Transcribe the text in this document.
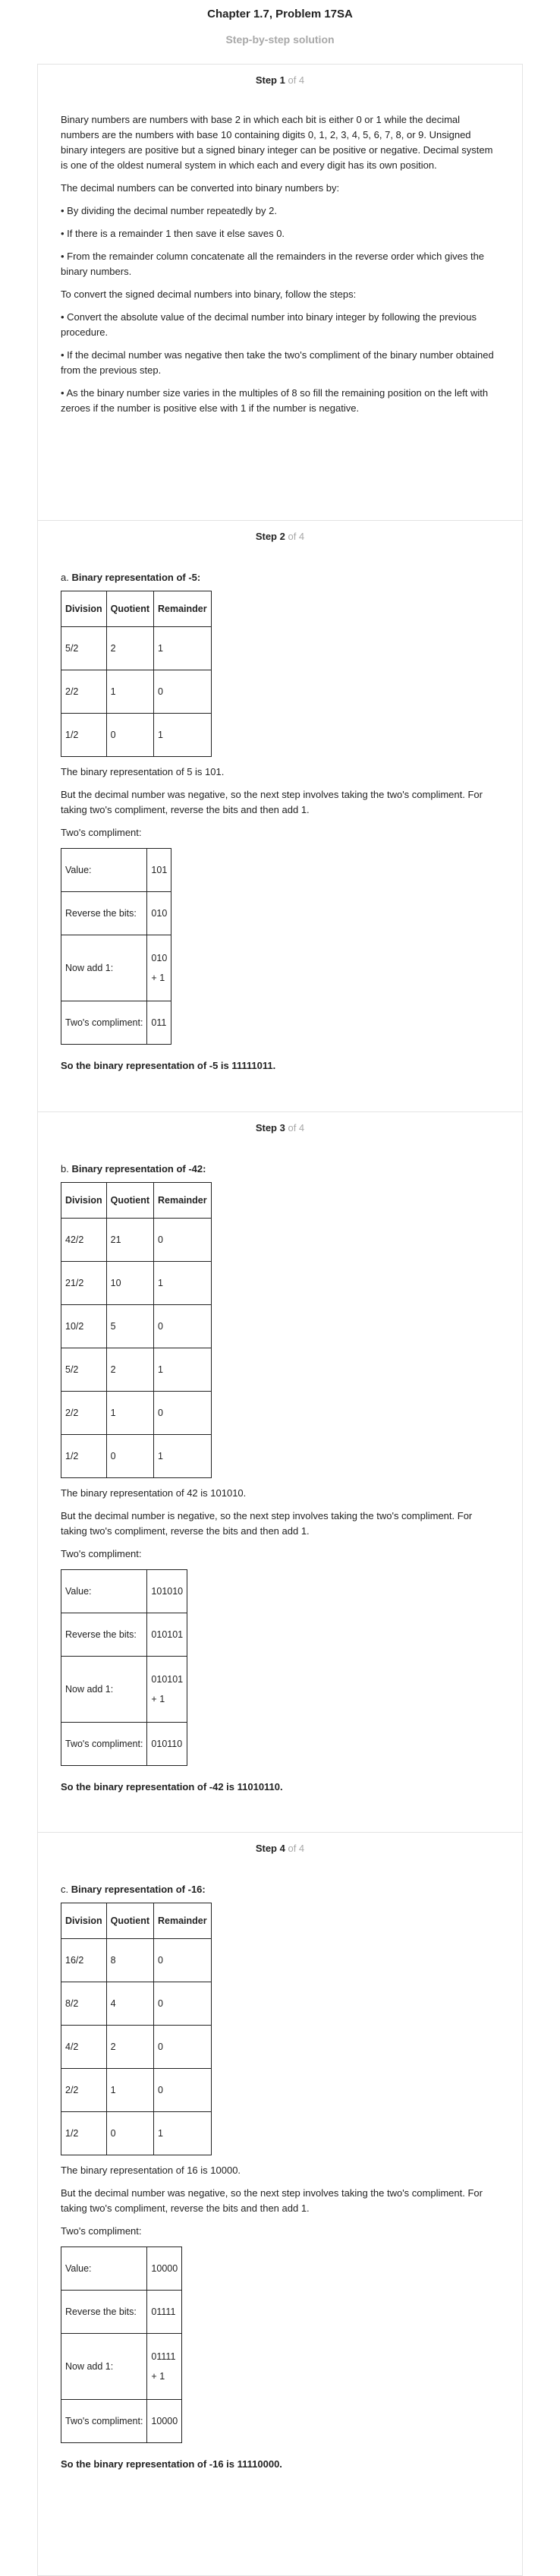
Chapter 1.7, Problem 17SA
Step-by-step solution
Step 1 of 4

Binary numbers are numbers with base 2 in which each bit is either 0 or 1 while the decimal numbers are the numbers with base 10 containing digits 0, 1, 2, 3, 4, 5, 6, 7, 8, or 9. Unsigned binary integers are positive but a signed binary integer can be positive or negative. Decimal system is one of the oldest numeral system in which each and every digit has its own position.

The decimal numbers can be converted into binary numbers by:

• By dividing the decimal number repeatedly by 2.

• If there is a remainder 1 then save it else saves 0.

• From the remainder column concatenate all the remainders in the reverse order which gives the binary numbers.

To convert the signed decimal numbers into binary, follow the steps:

• Convert the absolute value of the decimal number into binary integer by following the previous procedure.

• If the decimal number was negative then take the two's compliment of the binary number obtained from the previous step.

• As the binary number size varies in the multiples of 8 so fill the remaining position on the left with zeroes if the number is positive else with 1 if the number is negative.

Step 2 of 4
a. Binary representation of -5:
Division	Quotient	Remainder
5/2	2	1
2/2	1	0
1/2	0	1

The binary representation of 5 is 101.

But the decimal number was negative, so the next step involves taking the two's compliment. For taking two's compliment, reverse the bits and then add 1.

Two's compliment:

Value:	101
Reverse the bits:	010
Now add 1:	010
+ 1

Two's compliment:	011
So the binary representation of -5 is 11111011.
Step 3 of 4
b. Binary representation of -42:
Division	Quotient	Remainder
42/2	21	0
21/2	10	1
10/2	5	0
5/2	2	1
2/2	1	0
1/2	0	1

The binary representation of 42 is 101010.

But the decimal number is negative, so the next step involves taking the two's compliment. For taking two's compliment, reverse the bits and then add 1.

Two's compliment:

Value:	101010
Reverse the bits:	010101
Now add 1:	010101
+ 1

Two's compliment:	010110
So the binary representation of -42 is 11010110.
Step 4 of 4
c. Binary representation of -16:
Division	Quotient	Remainder
16/2	8	0
8/2	4	0
4/2	2	0
2/2	1	0
1/2	0	1

The binary representation of 16 is 10000.

But the decimal number was negative, so the next step involves taking the two's compliment. For taking two's compliment, reverse the bits and then add 1.

Two's compliment:

Value:	10000
Reverse the bits:	01111
Now add 1:	01111
+ 1

Two's compliment:	10000
So the binary representation of -16 is 11110000.
